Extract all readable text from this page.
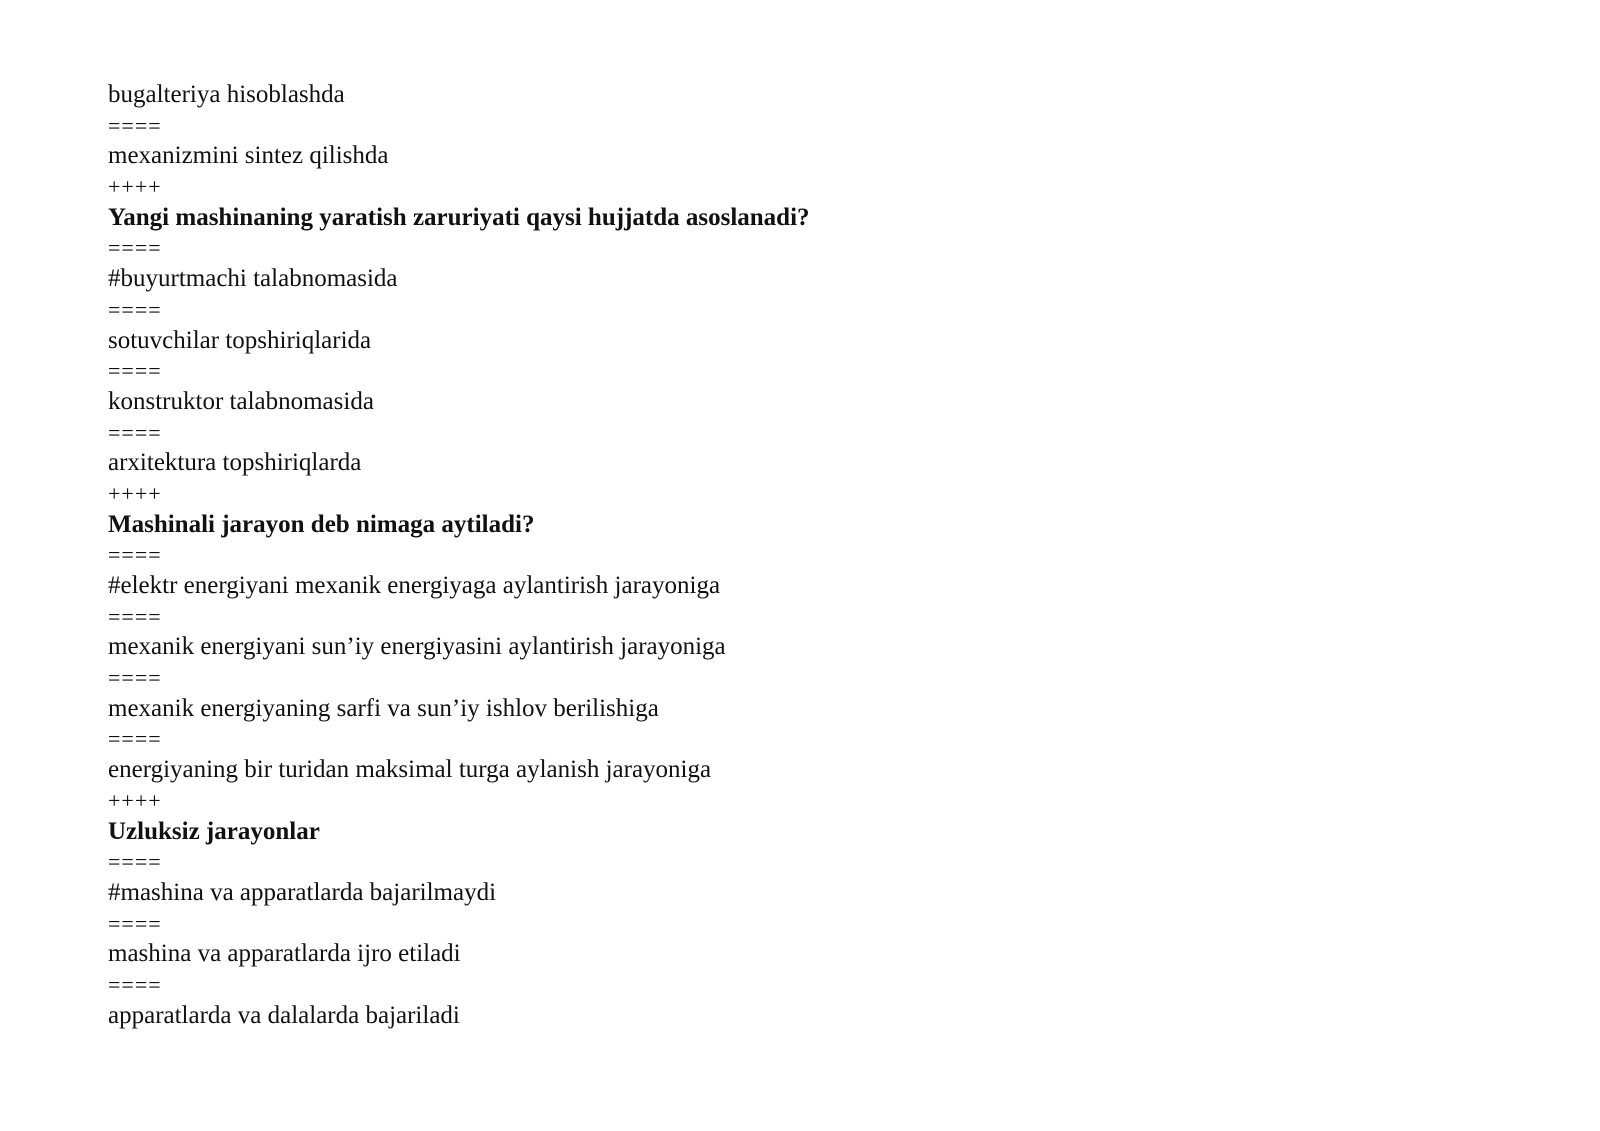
bugalteriya hisoblashda
====
mexanizmini sintez qilishda
++++
Yangi mashinaning yaratish zaruriyati qaysi hujjatda asoslanadi?
====
#buyurtmachi talabnomasida
====
sotuvchilar topshiriqlarida
====
konstruktor talabnomasida
====
arxitektura topshiriqlarda
++++
Mashinali jarayon deb nimaga aytiladi?
====
#elektr energiyani mexanik energiyaga aylantirish jarayoniga
====
mexanik energiyani sun’iy energiyasini aylantirish jarayoniga
====
mexanik energiyaning sarfi va sun’iy ishlov berilishiga
====
energiyaning bir turidan maksimal turga aylanish jarayoniga
++++
Uzluksiz jarayonlar
====
#mashina va apparatlarda bajarilmaydi
====
mashina va apparatlarda ijro etiladi
====
apparatlarda va dalalarda bajariladi
